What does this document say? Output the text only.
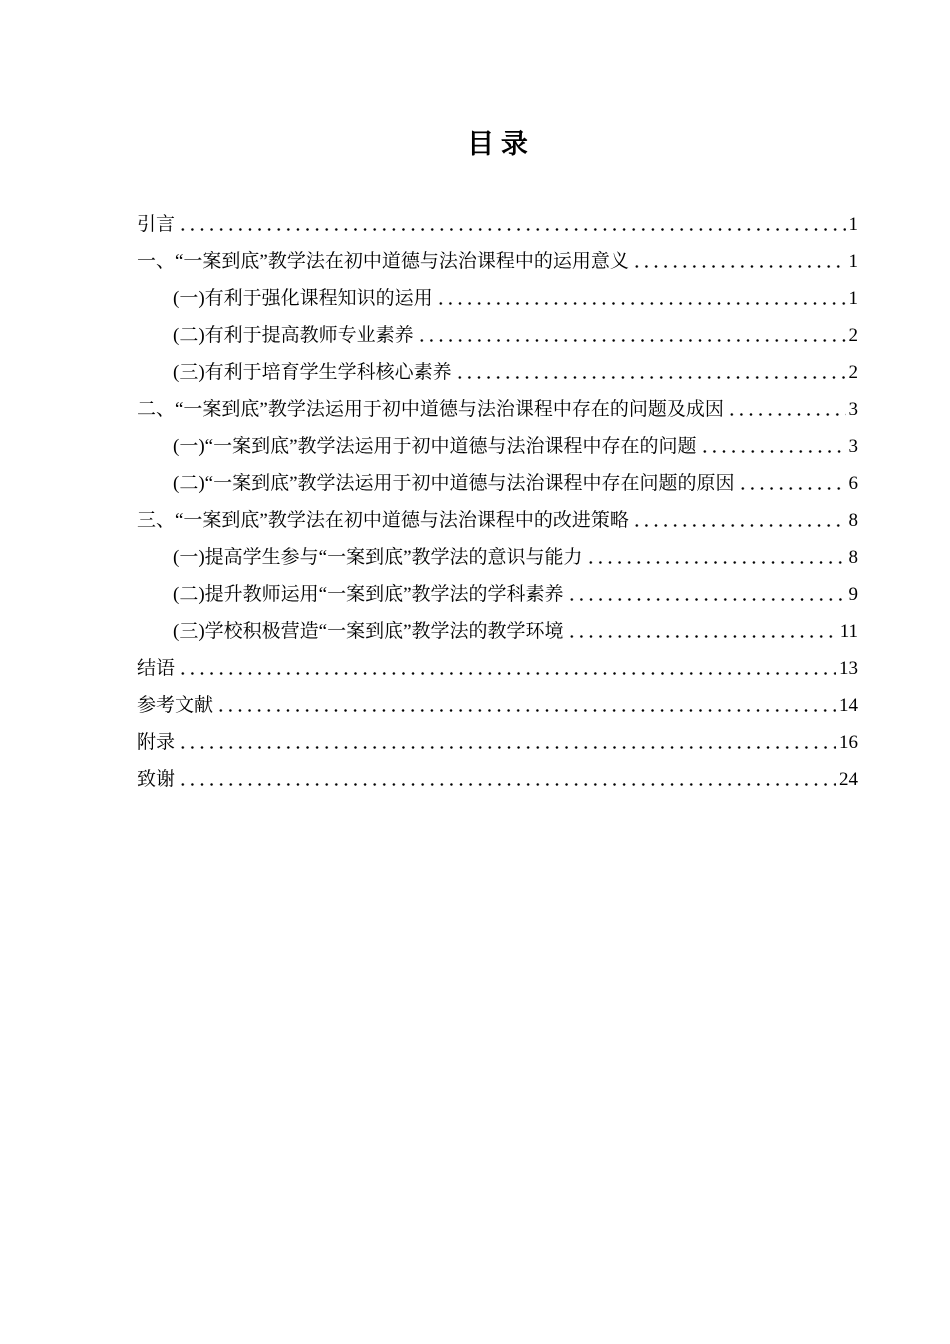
目 录
引言	1
一、“一案到底”教学法在初中道德与法治课程中的运用意义	1
(一)有利于强化课程知识的运用	1
(二)有利于提高教师专业素养	2
(三)有利于培育学生学科核心素养	2
二、“一案到底”教学法运用于初中道德与法治课程中存在的问题及成因	3
(一)“一案到底”教学法运用于初中道德与法治课程中存在的问题	3
(二)“一案到底”教学法运用于初中道德与法治课程中存在问题的原因	6
三、“一案到底”教学法在初中道德与法治课程中的改进策略	8
(一)提高学生参与“一案到底”教学法的意识与能力	8
(二)提升教师运用“一案到底”教学法的学科素养	9
(三)学校积极营造“一案到底”教学法的教学环境	11
结语	13
参考文献	14
附录	16
致谢	24
